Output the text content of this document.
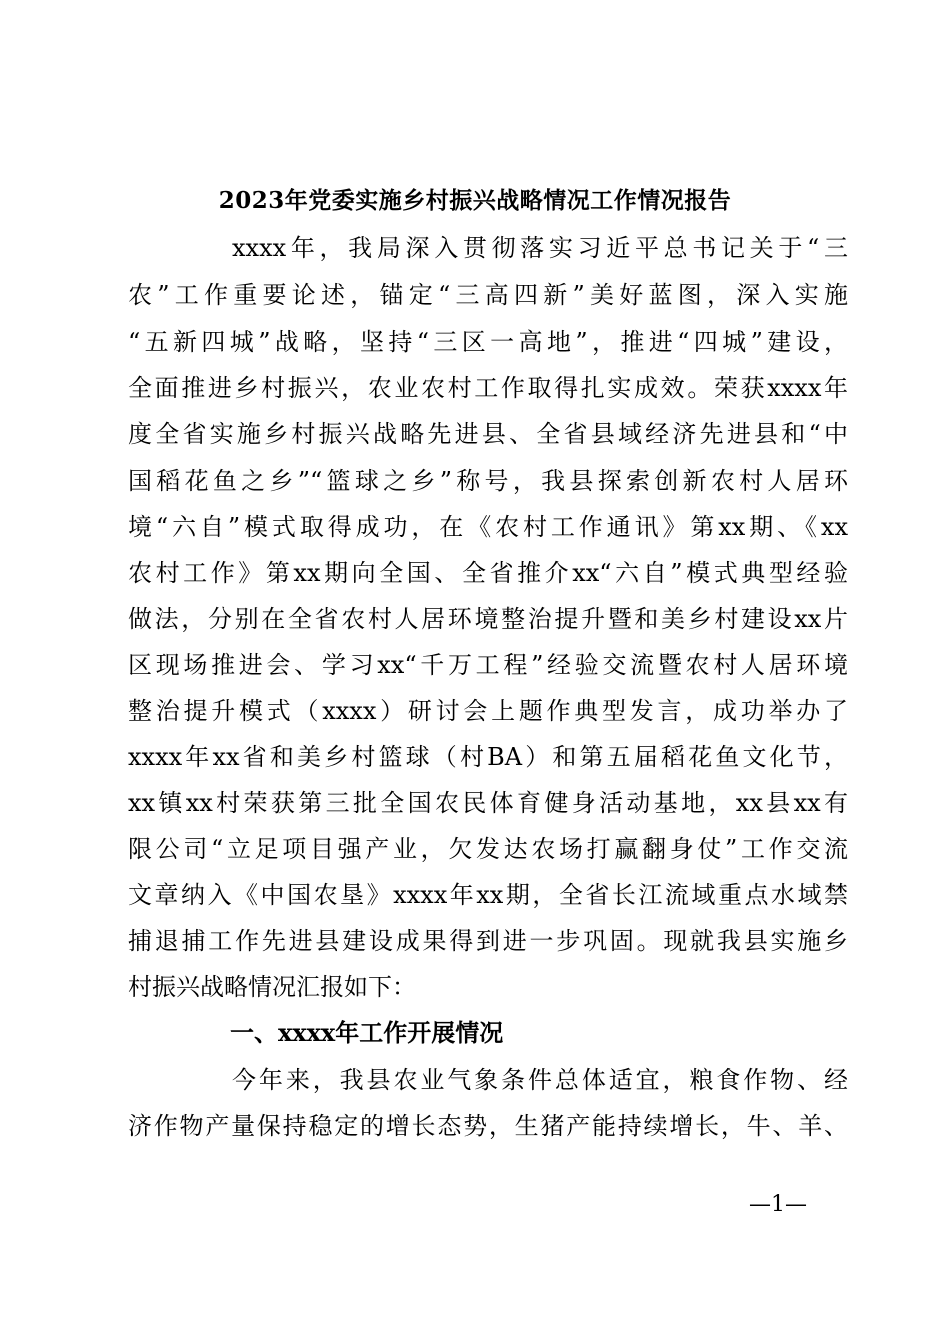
2023年党委实施乡村振兴战略情况工作情况报告
xxxx年，我局深入贯彻落实习近平总书记关于“三
农”工作重要论述，锚定“三高四新”美好蓝图，深入实施
“五新四城”战略，坚持“三区一高地”，推进“四城”建设，
全面推进乡村振兴，农业农村工作取得扎实成效。荣获xxxx年
度全省实施乡村振兴战略先进县、全省县域经济先进县和“中
国稻花鱼之乡”“篮球之乡”称号，我县探索创新农村人居环
境“六自”模式取得成功，在《农村工作通讯》第xx期、《xx
农村工作》第xx期向全国、全省推介xx“六自”模式典型经验
做法，分别在全省农村人居环境整治提升暨和美乡村建设xx片
区现场推进会、学习xx“千万工程”经验交流暨农村人居环境
整治提升模式（xxxx）研讨会上题作典型发言，成功举办了
xxxx年xx省和美乡村篮球（村BA）和第五届稻花鱼文化节，
xx镇xx村荣获第三批全国农民体育健身活动基地，xx县xx有
限公司“立足项目强产业，欠发达农场打赢翻身仗”工作交流
文章纳入《中国农垦》xxxx年xx期，全省长江流域重点水域禁
捕退捕工作先进县建设成果得到进一步巩固。现就我县实施乡
村振兴战略情况汇报如下：
一、xxxx年工作开展情况
今年来，我县农业气象条件总体适宜，粮食作物、经
济作物产量保持稳定的增长态势，生猪产能持续增长，牛、羊、
—1—
